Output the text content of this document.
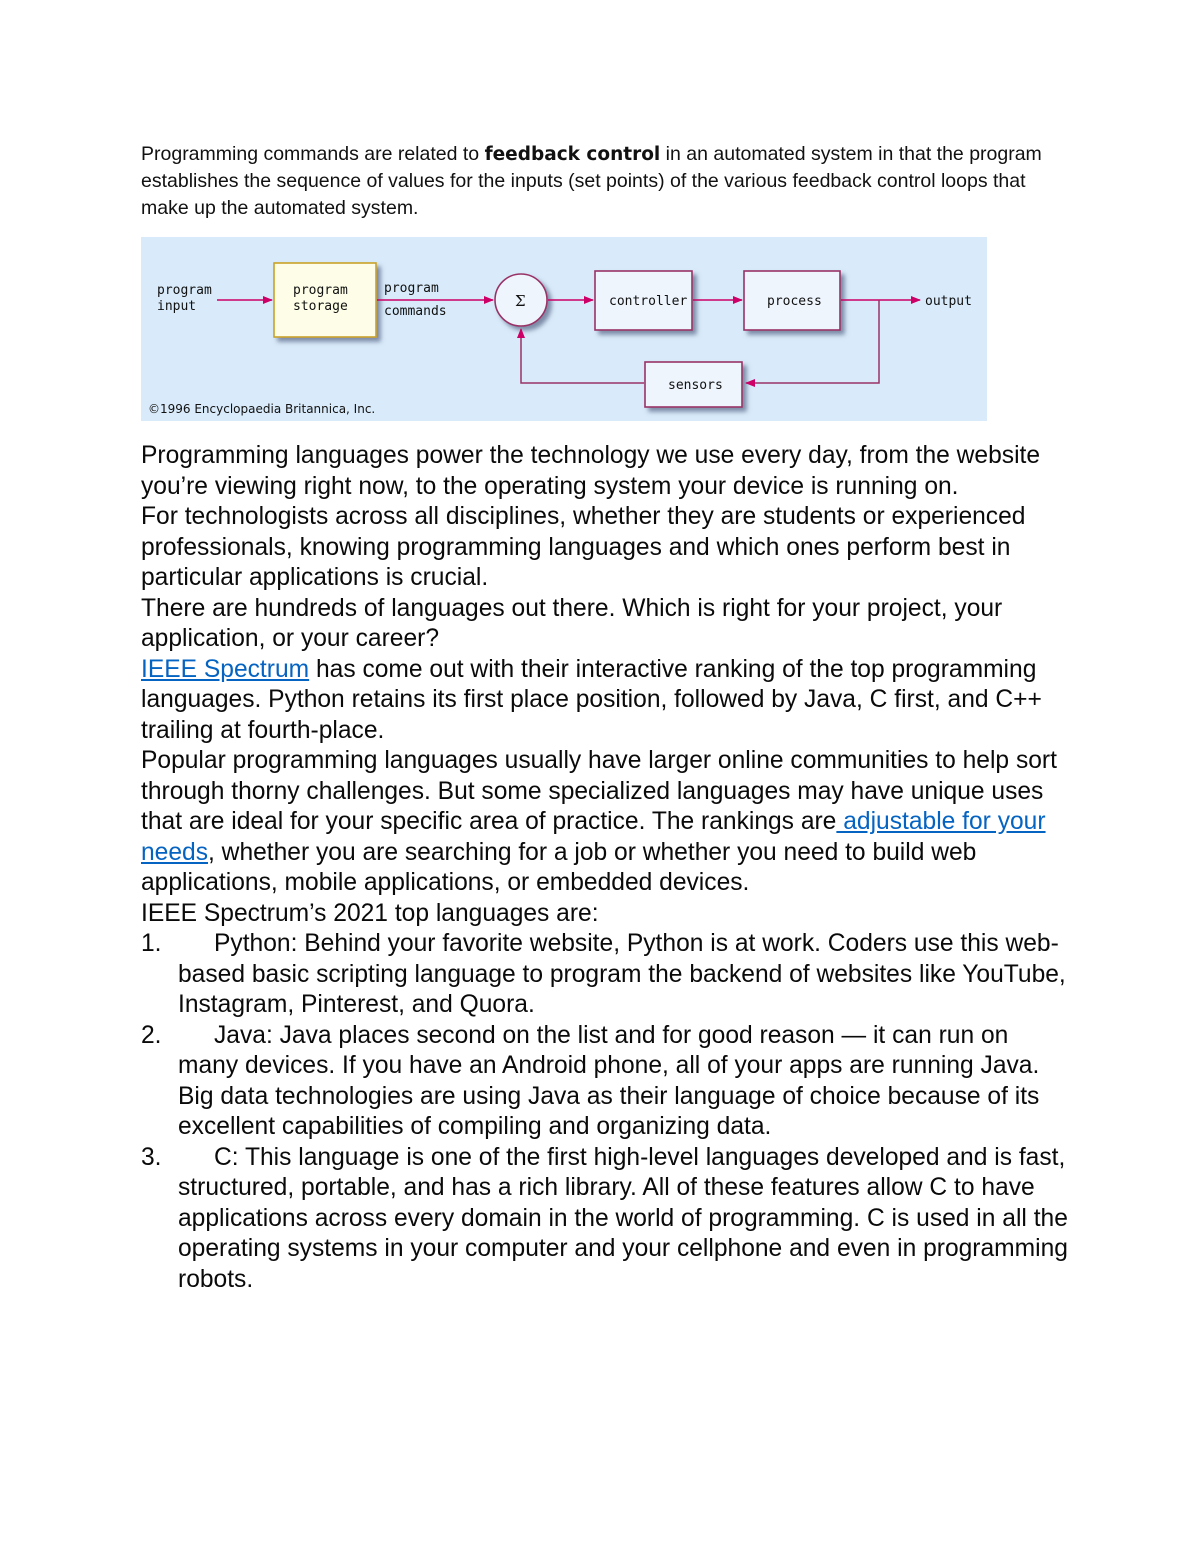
Programming commands are related to feedback control in an automated system in that the program establishes the sequence of values for the inputs (set points) of the various feedback control loops that make up the automated system.

program
input
program
storage
program
commands
Σ	controller	process	output
sensors
©1996 Encyclopaedia Britannica, Inc.

Programming languages power the technology we use every day, from the website you’re viewing right now, to the operating system your device is running on.

For technologists across all disciplines, whether they are students or experienced professionals, knowing programming languages and which ones perform best in particular applications is crucial.

There are hundreds of languages out there. Which is right for your project, your application, or your career?

IEEE Spectrum has come out with their interactive ranking of the top programming languages. Python retains its first place position, followed by Java, C first, and C++ trailing at fourth-place.

Popular programming languages usually have larger online communities to help sort through thorny challenges. But some specialized languages may have unique uses that are ideal for your specific area of practice. The rankings are adjustable for your needs, whether you are searching for a job or whether you need to build web applications, mobile applications, or embedded devices.

IEEE Spectrum’s 2021 top languages are:

1. Python: Behind your favorite website, Python is at work. Coders use this web-based basic scripting language to program the backend of websites like YouTube, Instagram, Pinterest, and Quora.
2. Java: Java places second on the list and for good reason — it can run on many devices. If you have an Android phone, all of your apps are running Java. Big data technologies are using Java as their language of choice because of its excellent capabilities of compiling and organizing data.
3. C: This language is one of the first high-level languages developed and is fast, structured, portable, and has a rich library. All of these features allow C to have applications across every domain in the world of programming. C is used in all the operating systems in your computer and your cellphone and even in programming robots.
